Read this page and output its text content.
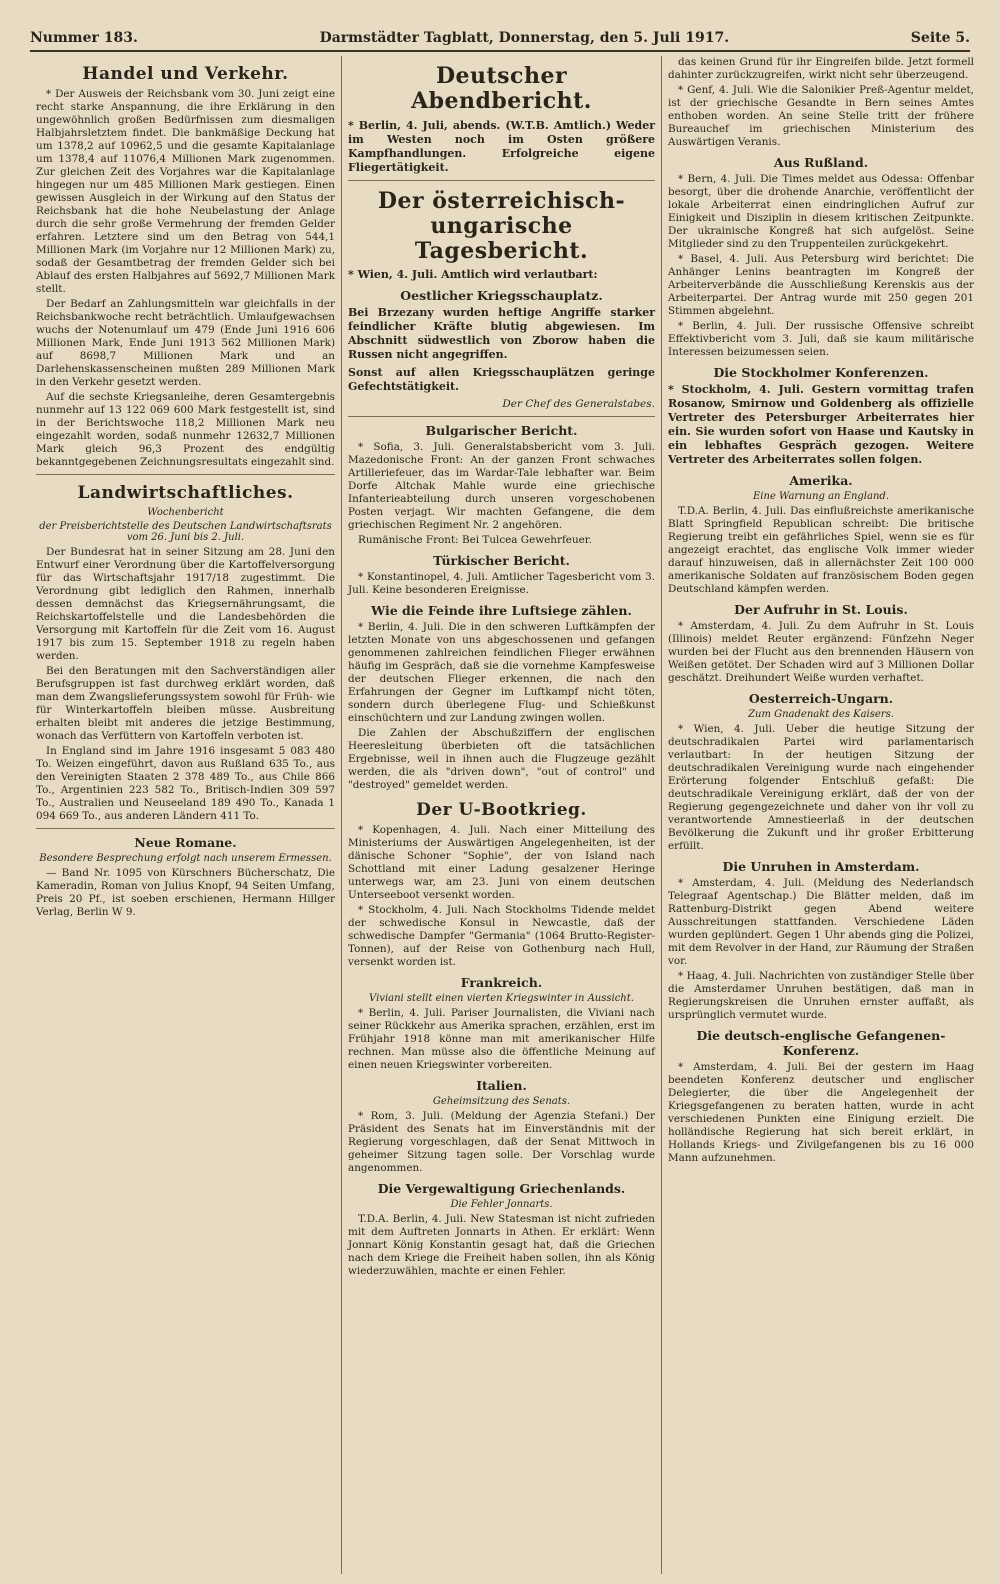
Nummer 183.	Darmstädter Tagblatt, Donnerstag, den 5. Juli 1917.	Seite 5.
Handel und Verkehr.

* Der Ausweis der Reichsbank vom 30. Juni zeigt eine recht starke Anspannung, die ihre Erklärung in den ungewöhnlich großen Bedürfnissen zum diesmaligen Halbjahrsletztem findet. Die bankmäßige Deckung hat um 1378,2 auf 10962,5 und die gesamte Kapitalanlage um 1378,4 auf 11076,4 Millionen Mark zugenommen. Zur gleichen Zeit des Vorjahres war die Kapitalanlage hingegen nur um 485 Millionen Mark gestiegen. Einen gewissen Ausgleich in der Wirkung auf den Status der Reichsbank hat die hohe Neubelastung der Anlage durch die sehr große Vermehrung der fremden Gelder erfahren. Letztere sind um den Betrag von 544,1 Millionen Mark (im Vorjahre nur 12 Millionen Mark) zu, sodaß der Gesamtbetrag der fremden Gelder sich bei Ablauf des ersten Halbjahres auf 5692,7 Millionen Mark stellt.

Der Bedarf an Zahlungsmitteln war gleichfalls in der Reichsbankwoche recht beträchtlich. Umlaufgewachsen wuchs der Notenumlauf um 479 (Ende Juni 1916 606 Millionen Mark, Ende Juni 1913 562 Millionen Mark) auf 8698,7 Millionen Mark und an Darlehenskassenscheinen mußten 289 Millionen Mark in den Verkehr gesetzt werden.

Auf die sechste Kriegsanleihe, deren Gesamtergebnis nunmehr auf 13 122 069 600 Mark festgestellt ist, sind in der Berichtswoche 118,2 Millionen Mark neu eingezahlt worden, sodaß nunmehr 12632,7 Millionen Mark gleich 96,3 Prozent des endgültig bekanntgegebenen Zeichnungsresultats eingezahlt sind.

Landwirtschaftliches.
Wochenbericht
der Preisberichtstelle des Deutschen Landwirtschaftsrats vom 26. Juni bis 2. Juli.

Der Bundesrat hat in seiner Sitzung am 28. Juni den Entwurf einer Verordnung über die Kartoffelversorgung für das Wirtschaftsjahr 1917/18 zugestimmt. Die Verordnung gibt lediglich den Rahmen, innerhalb dessen demnächst das Kriegsernährungsamt, die Reichskartoffelstelle und die Landesbehörden die Versorgung mit Kartoffeln für die Zeit vom 16. August 1917 bis zum 15. September 1918 zu regeln haben werden.

Bei den Beratungen mit den Sachverständigen aller Berufsgruppen ist fast durchweg erklärt worden, daß man dem Zwangslieferungssystem sowohl für Früh- wie für Winterkartoffeln bleiben müsse. Ausbreitung erhalten bleibt mit anderes die jetzige Bestimmung, wonach das Verfüttern von Kartoffeln verboten ist.

In England sind im Jahre 1916 insgesamt 5 083 480 To. Weizen eingeführt, davon aus Rußland 635 To., aus den Vereinigten Staaten 2 378 489 To., aus Chile 866 To., Argentinien 223 582 To., Britisch-Indien 309 597 To., Australien und Neuseeland 189 490 To., Kanada 1 094 669 To., aus anderen Ländern 411 To.

Neue Romane.
Besondere Besprechung erfolgt nach unserem Ermessen.

— Band Nr. 1095 von Kürschners Bücherschatz, Die Kameradin, Roman von Julius Knopf, 94 Seiten Umfang, Preis 20 Pf., ist soeben erschienen, Hermann Hillger Verlag, Berlin W 9.

Deutscher Abendbericht.

* Berlin, 4. Juli, abends. (W.T.B. Amtlich.) Weder im Westen noch im Osten größere Kampfhandlungen. Erfolgreiche eigene Fliegertätigkeit.

Der österreichisch-ungarische Tagesbericht.

* Wien, 4. Juli. Amtlich wird verlautbart:

Oestlicher Kriegsschauplatz.

Bei Brzezany wurden heftige Angriffe starker feindlicher Kräfte blutig abgewiesen. Im Abschnitt südwestlich von Zborow haben die Russen nicht angegriffen.

Sonst auf allen Kriegsschauplätzen geringe Gefechtstätigkeit.

Der Chef des Generalstabes.
Bulgarischer Bericht.

* Sofia, 3. Juli. Generalstabsbericht vom 3. Juli. Mazedonische Front: An der ganzen Front schwaches Artilleriefeuer, das im Wardar-Tale lebhafter war. Beim Dorfe Altchak Mahle wurde eine griechische Infanterieabteilung durch unseren vorgeschobenen Posten verjagt. Wir machten Gefangene, die dem griechischen Regiment Nr. 2 angehören.

Rumänische Front: Bei Tulcea Gewehrfeuer.

Türkischer Bericht.

* Konstantinopel, 4. Juli. Amtlicher Tagesbericht vom 3. Juli. Keine besonderen Ereignisse.

Wie die Feinde ihre Luftsiege zählen.

* Berlin, 4. Juli. Die in den schweren Luftkämpfen der letzten Monate von uns abgeschossenen und gefangen genommenen zahlreichen feindlichen Flieger erwähnen häufig im Gespräch, daß sie die vornehme Kampfesweise der deutschen Flieger erkennen, die nach den Erfahrungen der Gegner im Luftkampf nicht töten, sondern durch überlegene Flug- und Schießkunst einschüchtern und zur Landung zwingen wollen.

Die Zahlen der Abschußziffern der englischen Heeresleitung überbieten oft die tatsächlichen Ergebnisse, weil in ihnen auch die Flugzeuge gezählt werden, die als "driven down", "out of control" und "destroyed" gemeldet werden.

Der U-Bootkrieg.

* Kopenhagen, 4. Juli. Nach einer Mitteilung des Ministeriums der Auswärtigen Angelegenheiten, ist der dänische Schoner "Sophie", der von Island nach Schottland mit einer Ladung gesalzener Heringe unterwegs war, am 23. Juni von einem deutschen Unterseeboot versenkt worden.

* Stockholm, 4. Juli. Nach Stockholms Tidende meldet der schwedische Konsul in Newcastle, daß der schwedische Dampfer "Germania" (1064 Brutto-Register-Tonnen), auf der Reise von Gothenburg nach Hull, versenkt worden ist.

Frankreich.
Viviani stellt einen vierten Kriegswinter in Aussicht.

* Berlin, 4. Juli. Pariser Journalisten, die Viviani nach seiner Rückkehr aus Amerika sprachen, erzählen, erst im Frühjahr 1918 könne man mit amerikanischer Hilfe rechnen. Man müsse also die öffentliche Meinung auf einen neuen Kriegswinter vorbereiten.

Italien.
Geheimsitzung des Senats.

* Rom, 3. Juli. (Meldung der Agenzia Stefani.) Der Präsident des Senats hat im Einverständnis mit der Regierung vorgeschlagen, daß der Senat Mittwoch in geheimer Sitzung tagen solle. Der Vorschlag wurde angenommen.

Die Vergewaltigung Griechenlands.
Die Fehler Jonnarts.

T.D.A. Berlin, 4. Juli. New Statesman ist nicht zufrieden mit dem Auftreten Jonnarts in Athen. Er erklärt: Wenn Jonnart König Konstantin gesagt hat, daß die Griechen nach dem Kriege die Freiheit haben sollen, ihn als König wiederzuwählen, machte er einen Fehler.

das keinen Grund für ihr Eingreifen bilde. Jetzt formell dahinter zurückzugreifen, wirkt nicht sehr überzeugend.

* Genf, 4. Juli. Wie die Salonikier Preß-Agentur meldet, ist der griechische Gesandte in Bern seines Amtes enthoben worden. An seine Stelle tritt der frühere Bureauchef im griechischen Ministerium des Auswärtigen Veranis.

Aus Rußland.

* Bern, 4. Juli. Die Times meldet aus Odessa: Offenbar besorgt, über die drohende Anarchie, veröffentlicht der lokale Arbeiterrat einen eindringlichen Aufruf zur Einigkeit und Disziplin in diesem kritischen Zeitpunkte. Der ukrainische Kongreß hat sich aufgelöst. Seine Mitglieder sind zu den Truppenteilen zurückgekehrt.

* Basel, 4. Juli. Aus Petersburg wird berichtet: Die Anhänger Lenins beantragten im Kongreß der Arbeiterverbände die Ausschließung Kerenskis aus der Arbeiterpartei. Der Antrag wurde mit 250 gegen 201 Stimmen abgelehnt.

* Berlin, 4. Juli. Der russische Offensive schreibt Effektivbericht vom 3. Juli, daß sie kaum militärische Interessen beizumessen seien.

Die Stockholmer Konferenzen.

* Stockholm, 4. Juli. Gestern vormittag trafen Rosanow, Smirnow und Goldenberg als offizielle Vertreter des Petersburger Arbeiterrates hier ein. Sie wurden sofort von Haase und Kautsky in ein lebhaftes Gespräch gezogen. Weitere Vertreter des Arbeiterrates sollen folgen.

Amerika.
Eine Warnung an England.

T.D.A. Berlin, 4. Juli. Das einflußreichste amerikanische Blatt Springfield Republican schreibt: Die britische Regierung treibt ein gefährliches Spiel, wenn sie es für angezeigt erachtet, das englische Volk immer wieder darauf hinzuweisen, daß in allernächster Zeit 100 000 amerikanische Soldaten auf französischem Boden gegen Deutschland kämpfen werden.

Der Aufruhr in St. Louis.

* Amsterdam, 4. Juli. Zu dem Aufruhr in St. Louis (Illinois) meldet Reuter ergänzend: Fünfzehn Neger wurden bei der Flucht aus den brennenden Häusern von Weißen getötet. Der Schaden wird auf 3 Millionen Dollar geschätzt. Dreihundert Weiße wurden verhaftet.

Oesterreich-Ungarn.
Zum Gnadenakt des Kaisers.

* Wien, 4. Juli. Ueber die heutige Sitzung der deutschradikalen Partei wird parlamentarisch verlautbart: In der heutigen Sitzung der deutschradikalen Vereinigung wurde nach eingehender Erörterung folgender Entschluß gefaßt: Die deutschradikale Vereinigung erklärt, daß der von der Regierung gegengezeichnete und daher von ihr voll zu verantwortende Amnestieerlaß in der deutschen Bevölkerung die Zukunft und ihr großer Erbitterung erfüllt.

Die Unruhen in Amsterdam.

* Amsterdam, 4. Juli. (Meldung des Nederlandsch Telegraaf Agentschap.) Die Blätter melden, daß im Rattenburg-Distrikt gegen Abend weitere Ausschreitungen stattfanden. Verschiedene Läden wurden geplündert. Gegen 1 Uhr abends ging die Polizei, mit dem Revolver in der Hand, zur Räumung der Straßen vor.

* Haag, 4. Juli. Nachrichten von zuständiger Stelle über die Amsterdamer Unruhen bestätigen, daß man in Regierungskreisen die Unruhen ernster auffaßt, als ursprünglich vermutet wurde.

Die deutsch-englische Gefangenen-Konferenz.

* Amsterdam, 4. Juli. Bei der gestern im Haag beendeten Konferenz deutscher und englischer Delegierter, die über die Angelegenheit der Kriegsgefangenen zu beraten hatten, wurde in acht verschiedenen Punkten eine Einigung erzielt. Die holländische Regierung hat sich bereit erklärt, in Hollands Kriegs- und Zivilgefangenen bis zu 16 000 Mann aufzunehmen.
